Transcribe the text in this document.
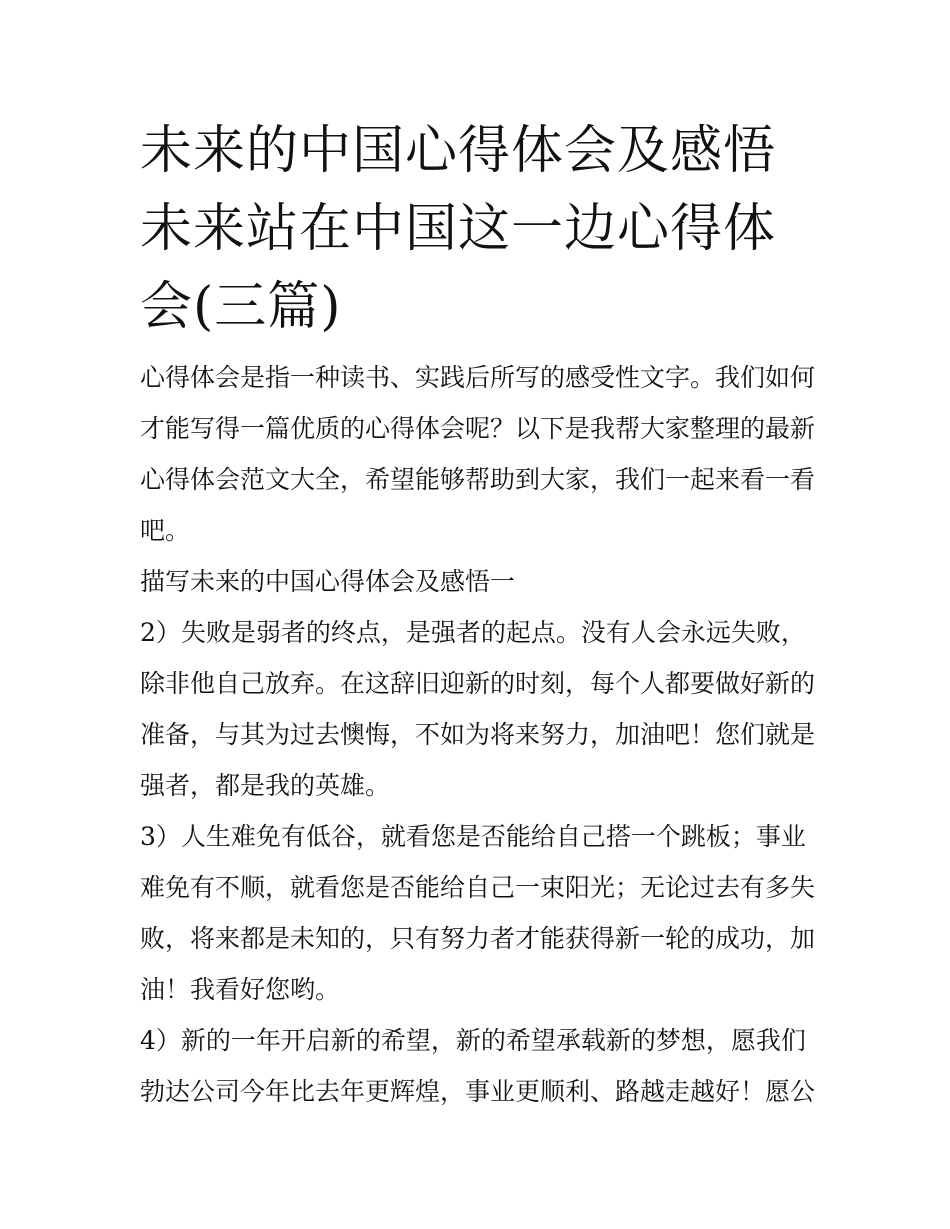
未来的中国心得体会及感悟 未来站在中国这一边心得体会(三篇)

心得体会是指一种读书、实践后所写的感受性文字。我们如何才能写得一篇优质的心得体会呢？以下是我帮大家整理的最新心得体会范文大全，希望能够帮助到大家，我们一起来看一看吧。

描写未来的中国心得体会及感悟一

2）失败是弱者的终点，是强者的起点。没有人会永远失败，除非他自己放弃。在这辞旧迎新的时刻，每个人都要做好新的准备，与其为过去懊悔，不如为将来努力，加油吧！您们就是强者，都是我的英雄。

3）人生难免有低谷，就看您是否能给自己搭一个跳板；事业难免有不顺，就看您是否能给自己一束阳光；无论过去有多失败，将来都是未知的，只有努力者才能获得新一轮的成功，加油！我看好您哟。

4）新的一年开启新的希望，新的希望承载新的梦想，愿我们勃达公司今年比去年更辉煌，事业更顺利、路越走越好！愿公
